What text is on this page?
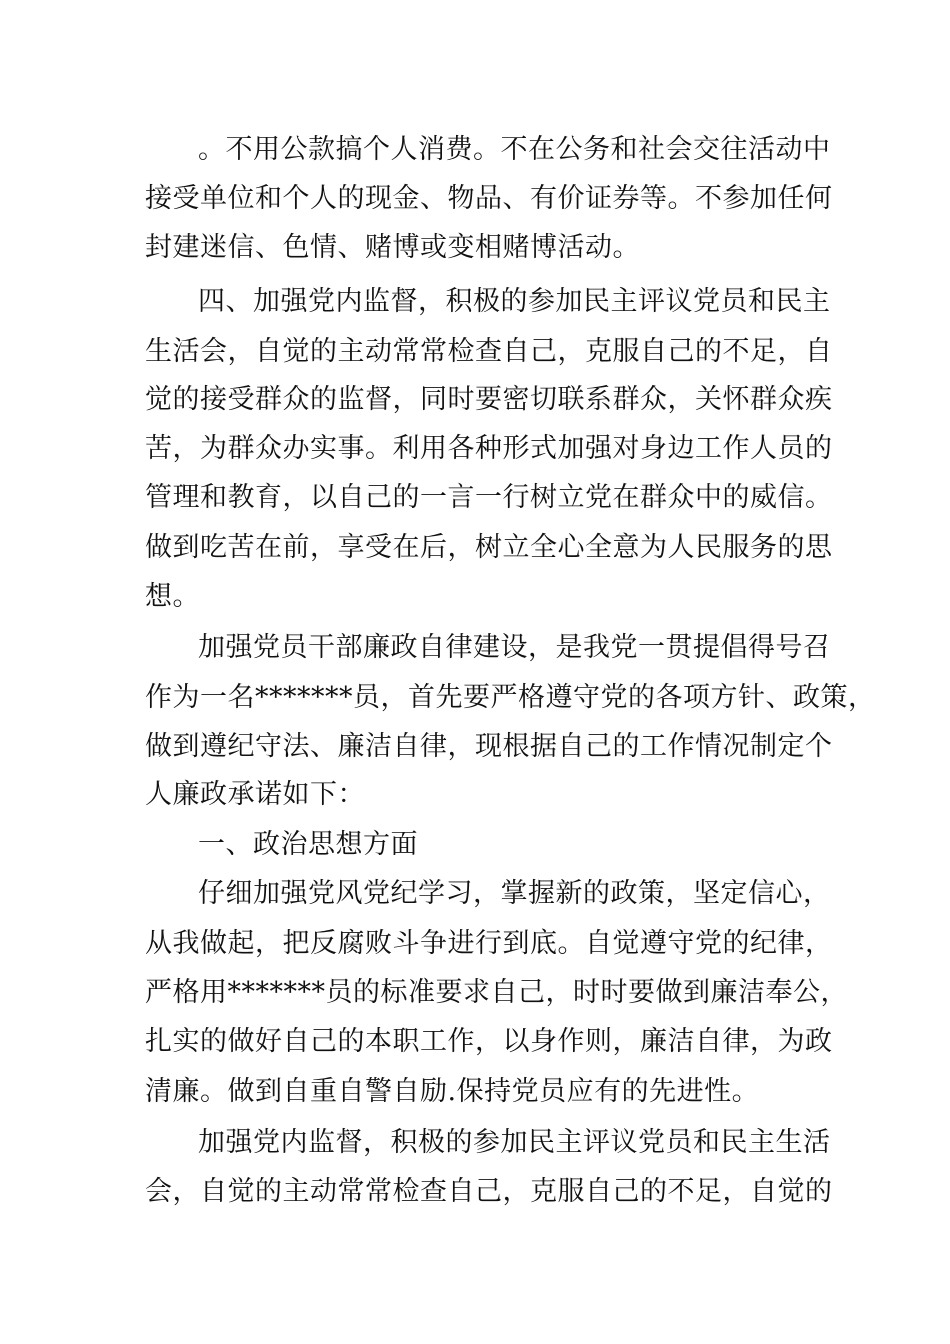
。不用公款搞个人消费。不在公务和社会交往活动中
接受单位和个人的现金、物品、有价证券等。不参加任何
封建迷信、色情、赌博或变相赌博活动。
四、加强党内监督，积极的参加民主评议党员和民主
生活会，自觉的主动常常检查自己，克服自己的不足，自
觉的接受群众的监督，同时要密切联系群众，关怀群众疾
苦，为群众办实事。利用各种形式加强对身边工作人员的
管理和教育，以自己的一言一行树立党在群众中的威信。
做到吃苦在前，享受在后，树立全心全意为人民服务的思
想。
加强党员干部廉政自律建设，是我党一贯提倡得号召
作为一名*******员，首先要严格遵守党的各项方针、政策，
做到遵纪守法、廉洁自律，现根据自己的工作情况制定个
人廉政承诺如下：
一、政治思想方面
仔细加强党风党纪学习，掌握新的政策，坚定信心，
从我做起，把反腐败斗争进行到底。自觉遵守党的纪律，
严格用*******员的标准要求自己，时时要做到廉洁奉公，
扎实的做好自己的本职工作，以身作则，廉洁自律，为政
清廉。做到自重自警自励.保持党员应有的先进性。
加强党内监督，积极的参加民主评议党员和民主生活
会，自觉的主动常常检查自己，克服自己的不足，自觉的
